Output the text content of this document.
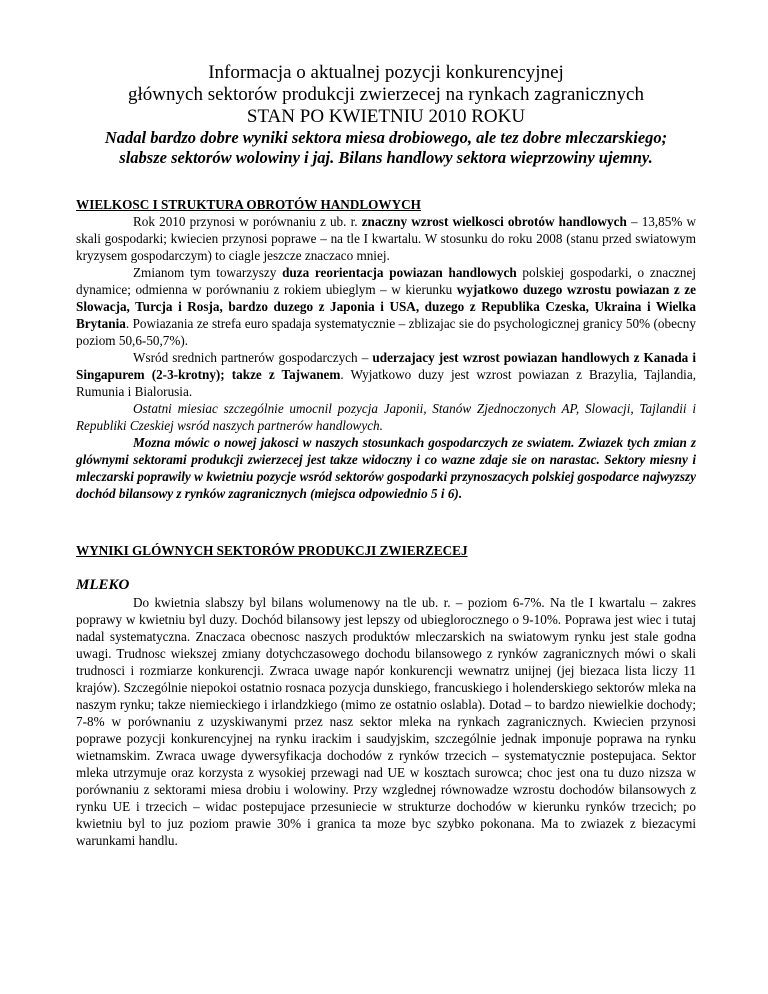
Informacja o aktualnej pozycji konkurencyjnej
głównych sektorów produkcji zwierzecej na rynkach zagranicznych
STAN PO KWIETNIU 2010 ROKU
Nadal bardzo dobre wyniki sektora miesa drobiowego, ale tez dobre mleczarskiego;
slabsze sektorów wolowiny i jaj. Bilans handlowy sektora wieprzowiny ujemny.
WIELKOSC I STRUKTURA OBROTÓW HANDLOWYCH

Rok 2010 przynosi w porównaniu z ub. r. znaczny wzrost wielkosci obrotów handlowych – 13,85% w skali gospodarki; kwiecien przynosi poprawe – na tle I kwartalu. W stosunku do roku 2008 (stanu przed swiatowym kryzysem gospodarczym) to ciagle jeszcze znaczaco mniej.

Zmianom tym towarzyszy duza reorientacja powiazan handlowych polskiej gospodarki, o znacznej dynamice; odmienna w porównaniu z rokiem ubieglym – w kierunku wyjatkowo duzego wzrostu powiazan z ze Slowacja, Turcja i Rosja, bardzo duzego z Japonia i USA, duzego z Republika Czeska, Ukraina i Wielka Brytania. Powiazania ze strefa euro spadaja systematycznie – zblizajac sie do psychologicznej granicy 50% (obecny poziom 50,6-50,7%).

Wsród srednich partnerów gospodarczych – uderzajacy jest wzrost powiazan handlowych z Kanada i Singapurem (2-3-krotny); takze z Tajwanem. Wyjatkowo duzy jest wzrost powiazan z Brazylia, Tajlandia, Rumunia i Bialorusia.

Ostatni miesiac szczególnie umocnil pozycja Japonii, Stanów Zjednoczonych AP, Slowacji, Tajlandii i Republiki Czeskiej wsród naszych partnerów handlowych.

Mozna mówic o nowej jakosci w naszych stosunkach gospodarczych ze swiatem. Zwiazek tych zmian z glównymi sektorami produkcji zwierzecej jest takze widoczny i co wazne zdaje sie on narastac. Sektory miesny i mleczarski poprawily w kwietniu pozycje wsród sektorów gospodarki przynoszacych polskiej gospodarce najwyzszy dochód bilansowy z rynków zagranicznych (miejsca odpowiednio 5 i 6).

WYNIKI GLÓWNYCH SEKTORÓW PRODUKCJI ZWIERZECEJ
MLEKO

Do kwietnia slabszy byl bilans wolumenowy na tle ub. r. – poziom 6-7%. Na tle I kwartalu – zakres poprawy w kwietniu byl duzy. Dochód bilansowy jest lepszy od ubieglorocznego o 9-10%. Poprawa jest wiec i tutaj nadal systematyczna. Znaczaca obecnosc naszych produktów mleczarskich na swiatowym rynku jest stale godna uwagi. Trudnosc wiekszej zmiany dotychczasowego dochodu bilansowego z rynków zagranicznych mówi o skali trudnosci i rozmiarze konkurencji. Zwraca uwage napór konkurencji wewnatrz unijnej (jej biezaca lista liczy 11 krajów). Szczególnie niepokoi ostatnio rosnaca pozycja dunskiego, francuskiego i holenderskiego sektorów mleka na naszym rynku; takze niemieckiego i irlandzkiego (mimo ze ostatnio oslabla). Dotad – to bardzo niewielkie dochody; 7-8% w porównaniu z uzyskiwanymi przez nasz sektor mleka na rynkach zagranicznych. Kwiecien przynosi poprawe pozycji konkurencyjnej na rynku irackim i saudyjskim, szczególnie jednak imponuje poprawa na rynku wietnamskim. Zwraca uwage dywersyfikacja dochodów z rynków trzecich – systematycznie postepujaca. Sektor mleka utrzymuje oraz korzysta z wysokiej przewagi nad UE w kosztach surowca; choc jest ona tu duzo nizsza w porównaniu z sektorami miesa drobiu i wolowiny. Przy wzglednej równowadze wzrostu dochodów bilansowych z rynku UE i trzecich – widac postepujace przesuniecie w strukturze dochodów w kierunku rynków trzecich; po kwietniu byl to juz poziom prawie 30% i granica ta moze byc szybko pokonana. Ma to zwiazek z biezacymi warunkami handlu.
